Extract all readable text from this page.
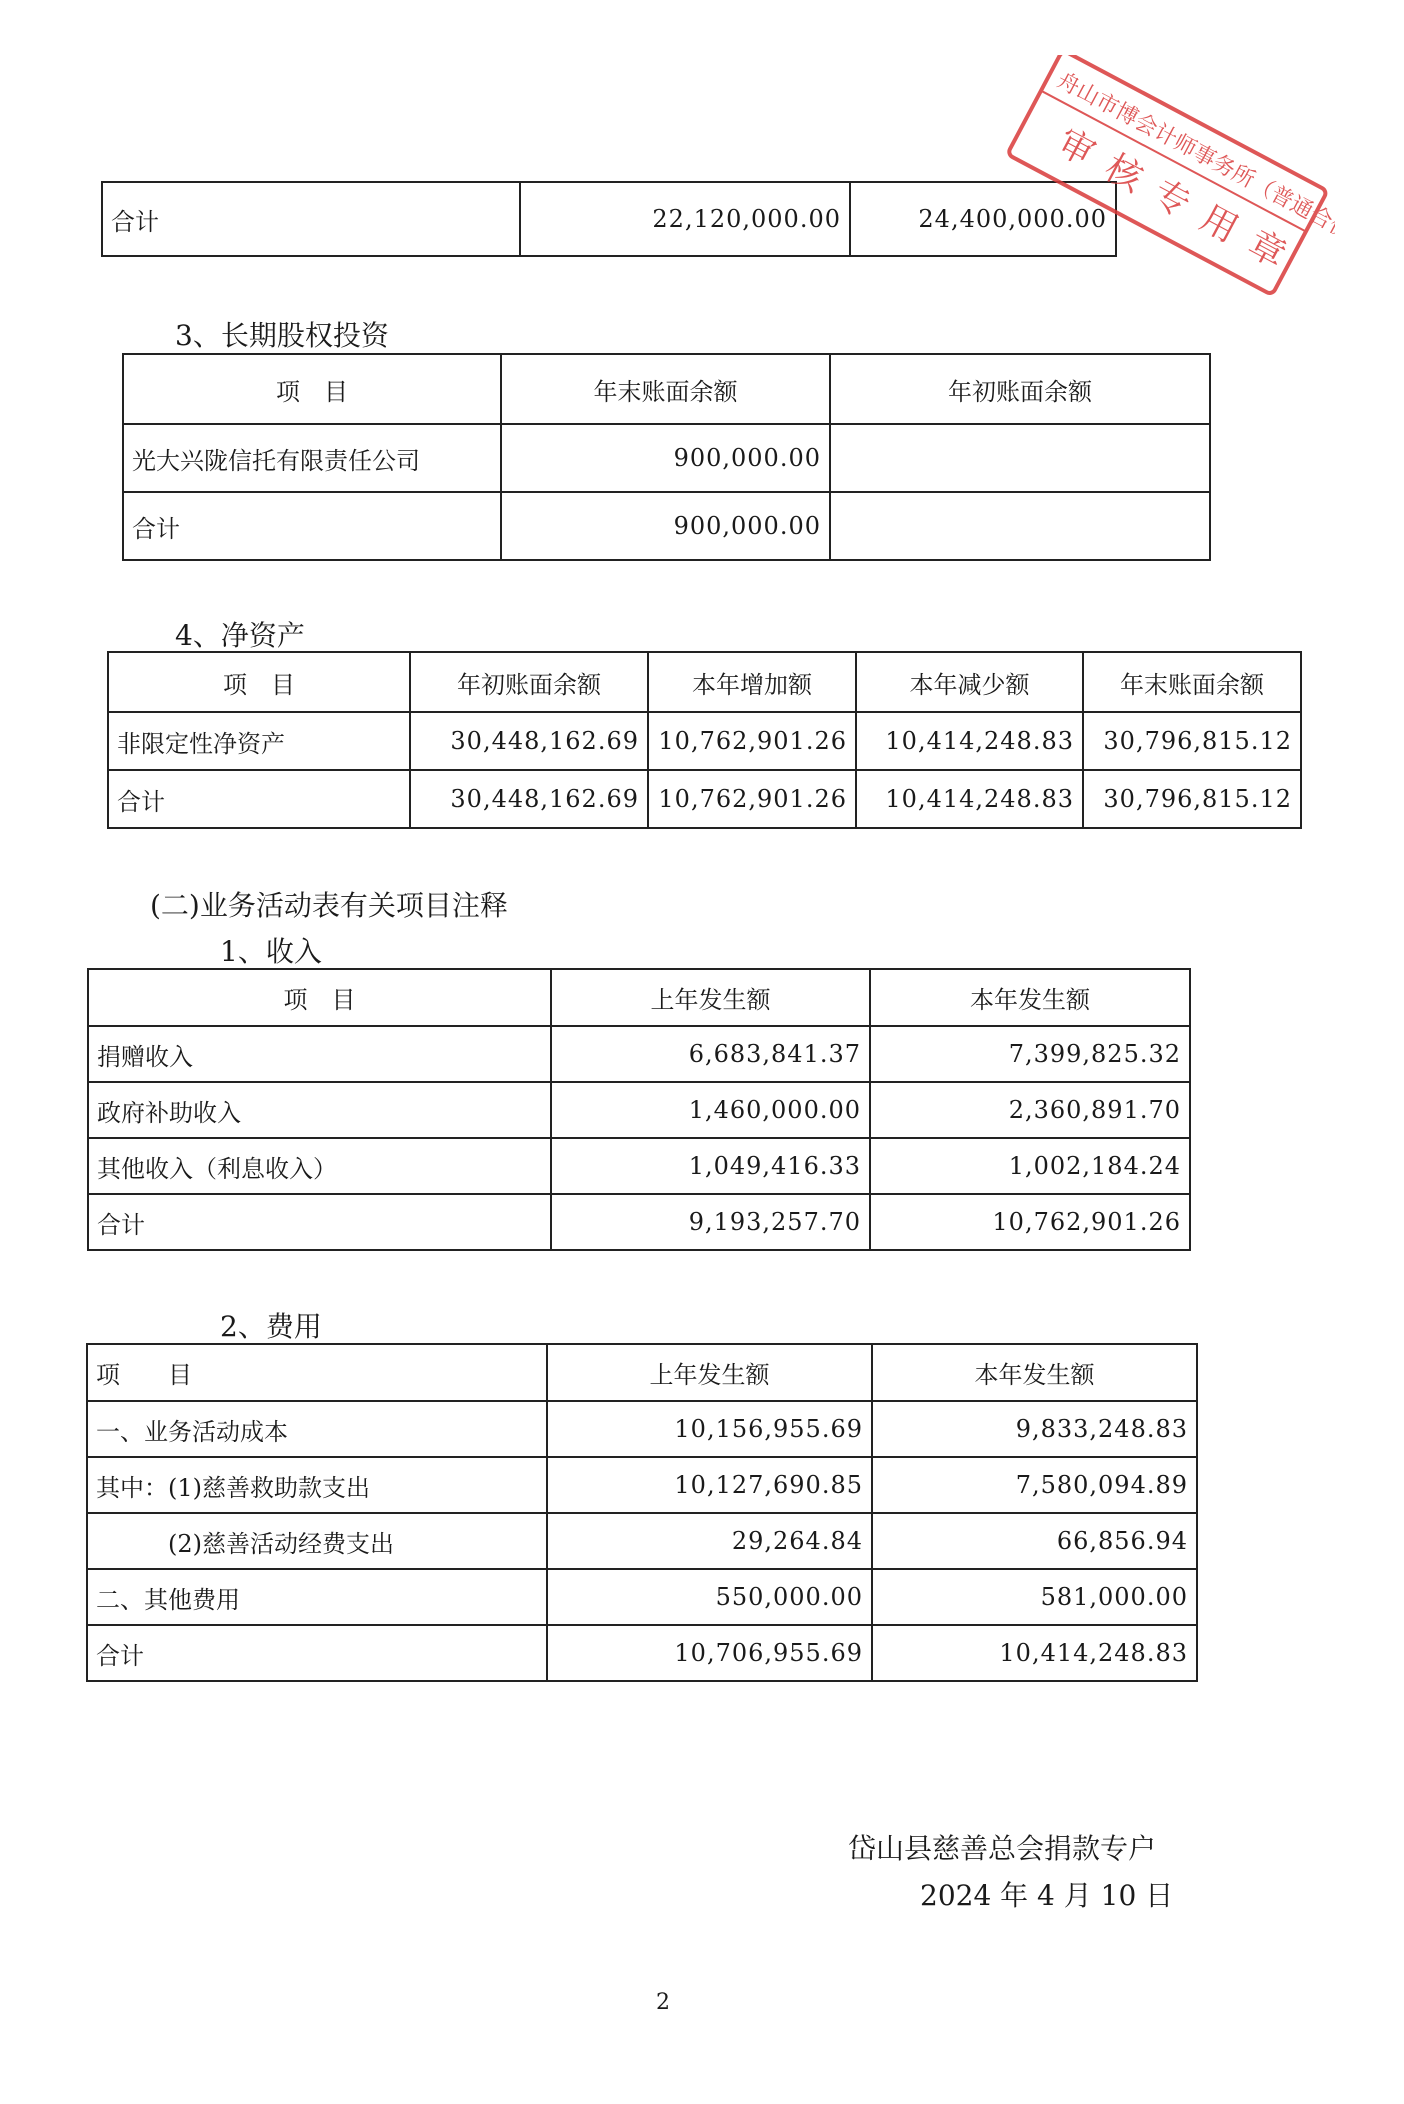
合计	22,120,000.00	24,400,000.00
3、长期股权投资
项　目	年末账面余额	年初账面余额
光大兴陇信托有限责任公司	900,000.00	
合计	900,000.00	
4、净资产
项　目	年初账面余额	本年增加额	本年减少额	年末账面余额
非限定性净资产	30,448,162.69	10,762,901.26	10,414,248.83	30,796,815.12
合计	30,448,162.69	10,762,901.26	10,414,248.83	30,796,815.12
(二)业务活动表有关项目注释
1、收入
项　目	上年发生额	本年发生额
捐赠收入	6,683,841.37	7,399,825.32
政府补助收入	1,460,000.00	2,360,891.70
其他收入（利息收入）	1,049,416.33	1,002,184.24
合计	9,193,257.70	10,762,901.26
2、费用
项　　目	上年发生额	本年发生额
一、业务活动成本	10,156,955.69	9,833,248.83
其中：(1)慈善救助款支出	10,127,690.85	7,580,094.89
(2)慈善活动经费支出	29,264.84	66,856.94
二、其他费用	550,000.00	581,000.00
合计	10,706,955.69	10,414,248.83
岱山县慈善总会捐款专户
2024 年 4 月 10 日
2
舟山市博会计师事务所（普通合伙）
审核专用章
